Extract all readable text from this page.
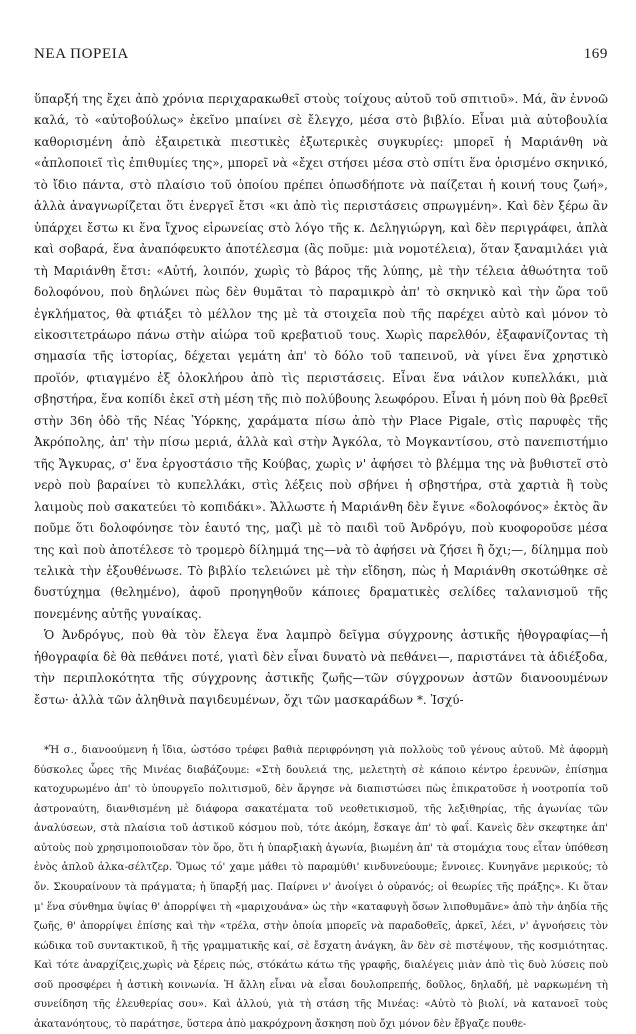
ΝΕΑ ΠΟΡΕΙΑ	169

ὕπαρξή της ἔχει ἀπὸ χρόνια περιχαρακωθεῖ στοὺς τοίχους αὐτοῦ τοῦ σπιτιοῦ». Μά, ἂν ἐννοῶ καλά, τὸ «αὐτοβούλως» ἐκεῖνο μπαίνει σὲ ἔλεγχο, μέσα στὸ βιβλίο. Εἶναι μιὰ αὐτοβουλία καθορισμένη ἀπὸ ἐξαιρετικὰ πιεστικὲς ἐξωτερικὲς συγκυρίες: μπορεῖ ἡ Μαριάνθη νὰ «ἀπλοποιεῖ τὶς ἐπιθυμίες της», μπορεῖ νὰ «ἔχει στήσει μέσα στὸ σπίτι ἕνα ὁρισμένο σκηνικό, τὸ ἴδιο πάντα, στὸ πλαίσιο τοῦ ὁποίου πρέπει ὁπωσδήποτε νὰ παίζεται ἡ κοινή τους ζωή», ἀλλὰ ἀναγνωρίζεται ὅτι ἐνεργεῖ ἔτσι «κι ἀπὸ τὶς περιστάσεις σπρωγμένη». Καὶ δὲν ξέρω ἂν ὑπάρχει ἔστω κι ἕνα ἴχνος εἰρωνείας στὸ λόγο τῆς κ. Δεληγιώργη, καὶ δὲν περιγράφει, ἁπλὰ καὶ σοβαρά, ἕνα ἀναπόφευκτο ἀποτέλεσμα (ἂς ποῦμε: μιὰ νομοτέλεια), ὅταν ξαναμιλάει γιὰ τὴ Μαριάνθη ἔτσι: «Αὐτή, λοιπόν, χωρὶς τὸ βάρος τῆς λύπης, μὲ τὴν τέλεια ἀθωότητα τοῦ δολοφόνου, ποὺ δηλώνει πὼς δὲν θυμᾶται τὸ παραμικρὸ ἀπ' τὸ σκηνικὸ καὶ τὴν ὥρα τοῦ ἐγκλήματος, θὰ φτιάξει τὸ μέλλον της μὲ τὰ στοιχεῖα ποὺ τῆς παρέχει αὐτὸ καὶ μόνον τὸ εἰκοσιτετράωρο πάνω στὴν αἰώρα τοῦ κρεβατιοῦ τους. Χωρὶς παρελθόν, ἐξαφανίζοντας τὴ σημασία τῆς ἱστορίας, δέχεται γεμάτη ἀπ' τὸ δόλο τοῦ ταπεινοῦ, νὰ γίνει ἕνα χρηστικὸ προϊόν, φτιαγμένο ἐξ ὁλοκλήρου ἀπὸ τὶς περιστάσεις. Εἶναι ἕνα νάιλον κυπελλάκι, μιὰ σβηστήρα, ἕνα κοπίδι ἐκεῖ στὴ μέση τῆς πιὸ πολύβουης λεωφόρου. Εἶναι ἡ μόνη ποὺ θὰ βρεθεῖ στὴν 36η ὁδὸ τῆς Νέας Ὑόρκης, χαράματα πίσω ἀπὸ τὴν Place Pigale, στὶς παρυφὲς τῆς Ἀκρόπολης, ἀπ' τὴν πίσω μεριά, ἀλλὰ καὶ στὴν Ἀγκόλα, τὸ Μογκαντίσου, στὸ πανεπιστήμιο τῆς Ἄγκυρας, σ' ἕνα ἐργοστάσιο τῆς Κούβας, χωρὶς ν' ἀφήσει τὸ βλέμμα της νὰ βυθιστεῖ στὸ νερὸ ποὺ βαραίνει τὸ κυπελλάκι, στὶς λέξεις ποὺ σβήνει ἡ σβηστήρα, στὰ χαρτιὰ ἢ τοὺς λαιμοὺς ποὺ σακατεύει τὸ κοπιδάκι». Ἄλλωστε ἡ Μαριάνθη δὲν ἔγινε «δολοφόνος» ἐκτὸς ἂν ποῦμε ὅτι δολοφόνησε τὸν ἑαυτό της, μαζὶ μὲ τὸ παιδὶ τοῦ Ἀνδρόγυ, ποὺ κυοφοροῦσε μέσα της καὶ ποὺ ἀποτέλεσε τὸ τρομερὸ δίλημμά της—νὰ τὸ ἀφήσει νὰ ζήσει ἢ ὄχι;—, δίλημμα ποὺ τελικὰ τὴν ἐξουθένωσε. Τὸ βιβλίο τελειώνει μὲ τὴν εἴδηση, πὼς ἡ Μαριάνθη σκοτώθηκε σὲ δυστύχημα (θελημένο), ἀφοῦ προηγηθοῦν κάποιες δραματικὲς σελίδες ταλανισμοῦ τῆς πονεμένης αὐτῆς γυναίκας.

Ὁ Ἀνδρόγυς, ποὺ θὰ τὸν ἔλεγα ἕνα λαμπρὸ δεῖγμα σύγχρονης ἀστικῆς ἠθογραφίας—ἡ ἠθογραφία δὲ θὰ πεθάνει ποτέ, γιατὶ δὲν εἶναι δυνατὸ νὰ πεθάνει—, παριστάνει τὰ ἀδιέξοδα, τὴν περιπλοκότητα τῆς σύγχρονης ἀστικῆς ζωῆς—τῶν σύγχρονων ἀστῶν διανοουμένων ἔστω· ἀλλὰ τῶν ἀληθινὰ παγιδευμένων, ὄχι τῶν μασκαράδων *. Ἰσχύ-

*Ἡ σ., διανοούμενη ἡ ἴδια, ὡστόσο τρέφει βαθιὰ περιφρόνηση γιὰ πολλοὺς τοῦ γένους αὐτοῦ. Μὲ ἀφορμὴ δύσκολες ὧρες τῆς Μινέας διαβάζουμε: «Στὴ δουλειά της, μελετητὴ σὲ κάποιο κέντρο ἐρευνῶν, ἐπίσημα κατοχυρωμένο ἀπ' τὸ ὑπουργεῖο πολιτισμοῦ, δὲν ἄργησε νὰ διαπιστώσει πὼς ἐπικρατοῦσε ἡ νοοτροπία τοῦ ἀστροναύτη, διανθισμένη μὲ διάφορα σακατέματα τοῦ νεοθετικισμοῦ, τῆς λεξιθηρίας, τῆς ἀγωνίας τῶν ἀναλύσεων, στὰ πλαίσια τοῦ ἀστικοῦ κόσμου ποὺ, τότε ἀκόμη, ἔσκαγε ἀπ' τὸ φαΐ. Κανεὶς δὲν σκεφτηκε ἀπ' αὐτοὺς ποὺ χρησιμοποιοῦσαν τὸν ὅρο, ὅτι ἡ ὑπαρξιακὴ ἀγωνία, βιωμένη ἀπ' τὰ στομάχια τους εἶταν ὑπόθεση ἑνὸς ἁπλοῦ ἀλκα-σέλτζερ. Ὅμως τό' χαμε μάθει τὸ παραμύθι' κινδυνεύουμε; ἔννοιες. Κυνηγᾶνε μερικούς; τὸ ὄν. Σκουραίνουν τὰ πράγματα; ἡ ὕπαρξή μας. Παίρνει ν' ἀνοίγει ὁ οὐρανός; οἱ θεωρίες τῆς πράξης». Κι ὅταν μ' ἕνα σύνθημα ὑψίας θ' ἀπορρίψει τὴ «μαριχουάνα» ὡς τὴν «καταφυγὴ ὅσων λιποθυμᾶνε» ἀπὸ τὴν ἀηδία τῆς ζωῆς, θ' ἀπορρίψει ἐπίσης καὶ τὴν «τρέλα, στὴν ὁποία μπορεῖς νὰ παραδοθεῖς, ἀρκεῖ, λέει, ν' ἀγνοήσεις τὸν κώδικα τοῦ συντακτικοῦ, ἢ τῆς γραμματικῆς καί, σὲ ἔσχατη ἀνάγκη, ἂν δὲν σὲ πιστέψουν, τῆς κοσμιότητας. Καὶ τότε ἀναρχίζεις,χωρὶς νὰ ξέρεις πώς, στόκάτω κάτω τῆς γραφῆς, διαλέγεις μιὰν ἀπὸ τὶς δυὸ λύσεις ποὺ σοῦ προσφέρει ἡ ἀστικὴ κοινωνία. Ἡ ἄλλη εἶναι νὰ εἶσαι δουλοπρεπής, δοῦλος, δηλαδή, μὲ ναρκωμένη τὴ συνείδηση τῆς ἐλευθερίας σου». Καὶ ἀλλού, γιὰ τὴ στάση τῆς Μινέας: «Αὐτὸ τὸ βιολί, νὰ κατανοεῖ τοὺς ἀκατανόητους, τὸ παράτησε, ὕστερα ἀπὸ μακρόχρονη ἄσκηση ποὺ ὄχι μόνον δὲν ἔβγαζε πουθε-
